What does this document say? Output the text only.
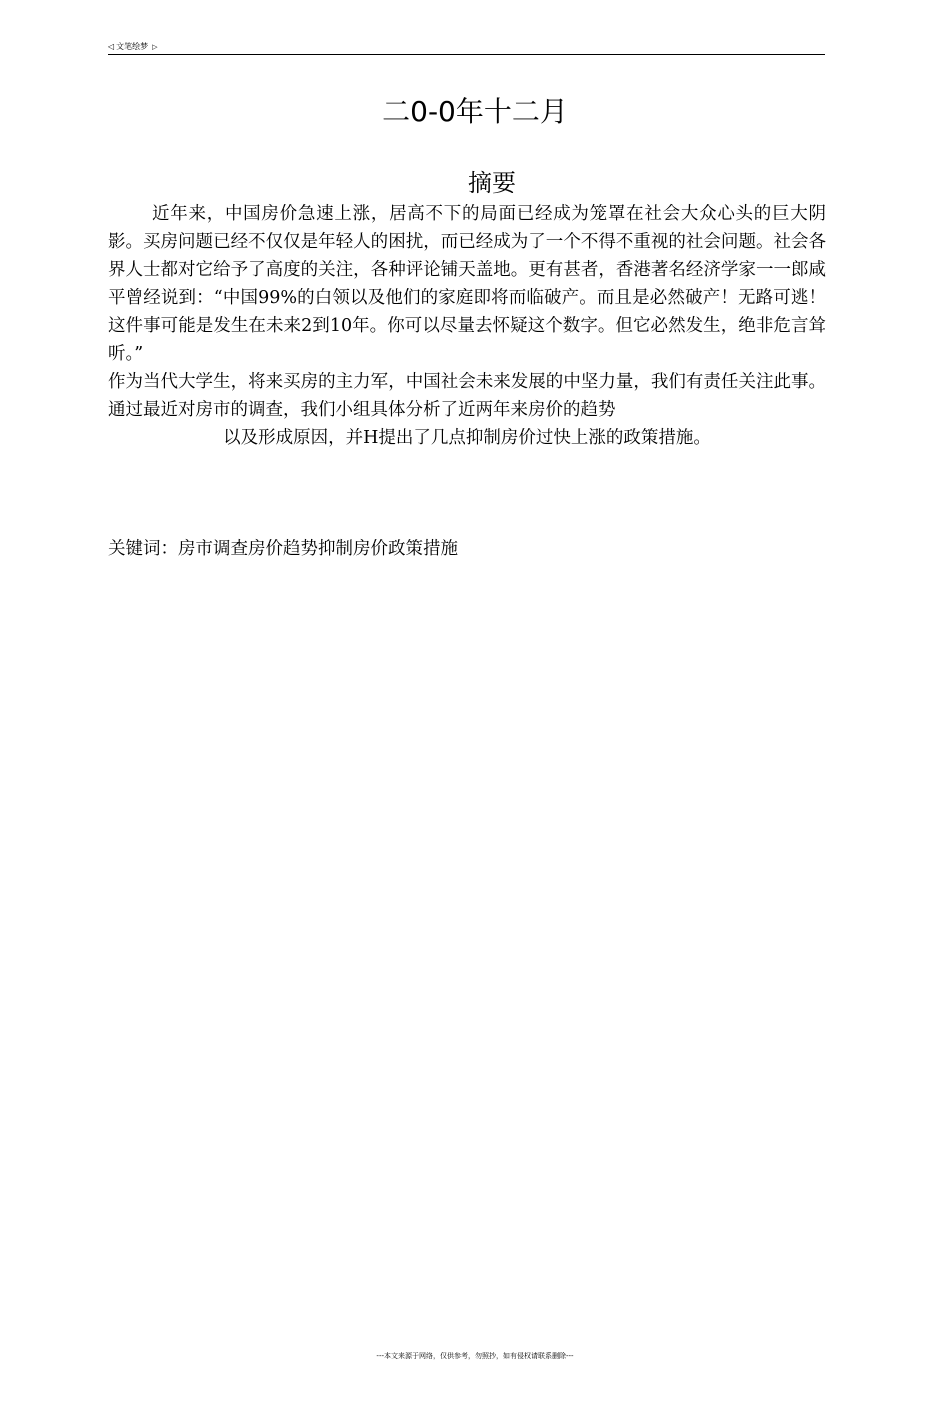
◁ 文笔绘梦 ▷
二0-0年十二月
摘要

近年来，中国房价急速上涨，居高不下的局面已经成为笼罩在社会大众心头的巨大阴影。买房问题已经不仅仅是年轻人的困扰，而已经成为了一个不得不重视的社会问题。社会各界人士都对它给予了高度的关注，各种评论铺天盖地。更有甚者，香港著名经济学家一一郎咸平曾经说到：“中国99%的白领以及他们的家庭即将而临破产。而且是必然破产！无路可逃！这件事可能是发生在未来2到10年。你可以尽量去怀疑这个数字。但它必然发生，绝非危言耸听。”

作为当代大学生，将来买房的主力军，中国社会未来发展的中坚力量，我们有责任关注此事。通过最近对房市的调查，我们小组具体分析了近两年来房价的趋势

以及形成原因，并H提出了几点抑制房价过快上涨的政策措施。

关键词：房市调查房价趋势抑制房价政策措施
---本文来源于网络，仅供参考，勿照抄，如有侵权请联系删除---
